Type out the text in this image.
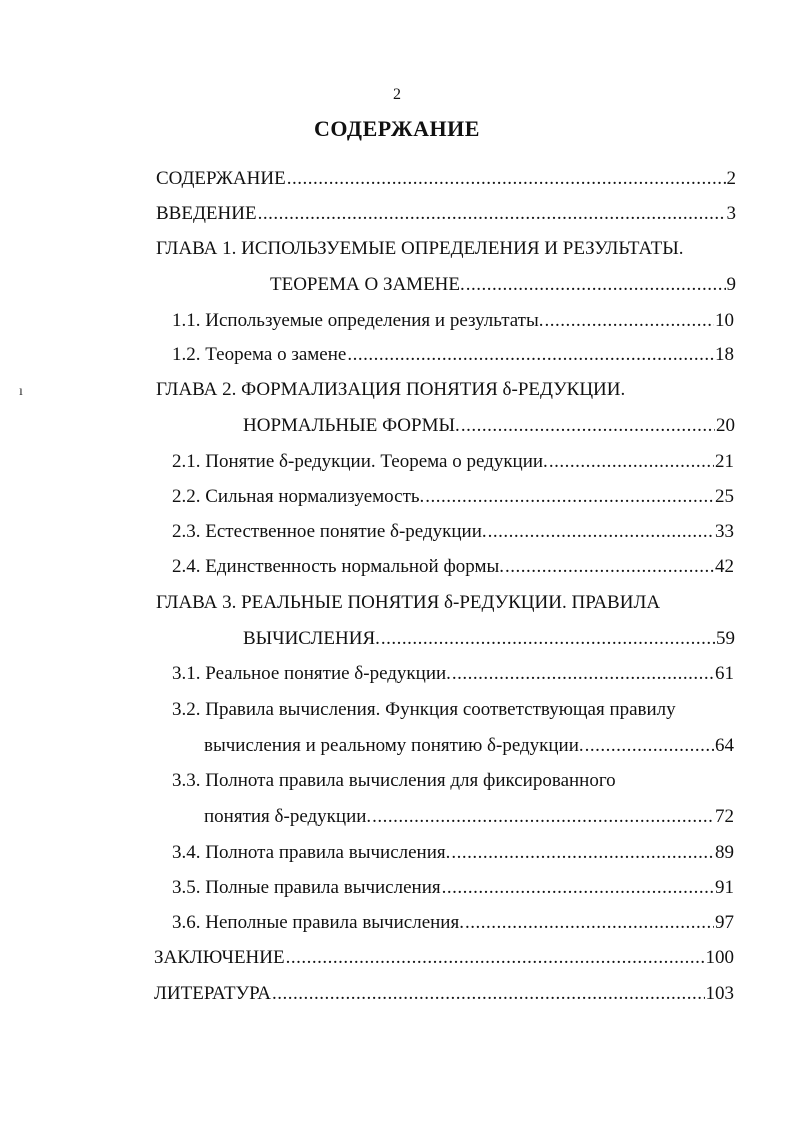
2
СОДЕРЖАНИЕ
ı
СОДЕРЖАНИЕ .....	2
ВВЕДЕНИЕ .....	3
ГЛАВА 1. ИСПОЛЬЗУЕМЫЕ ОПРЕДЕЛЕНИЯ И РЕЗУЛЬТАТЫ.
ТЕОРЕМА О ЗАМЕНЕ. .....	9
1.1. Используемые определения и результаты. .....	10
1.2. Теорема о замене .....	18
ГЛАВА 2. ФОРМАЛИЗАЦИЯ ПОНЯТИЯ δ-РЕДУКЦИИ.
НОРМАЛЬНЫЕ ФОРМЫ. .....	20
2.1. Понятие δ-редукции. Теорема о редукции. .....	21
2.2. Сильная нормализуемость. .....	25
2.3. Естественное понятие δ-редукции. .....	33
2.4. Единственность нормальной формы. .....	42
ГЛАВА 3. РЕАЛЬНЫЕ ПОНЯТИЯ δ-РЕДУКЦИИ. ПРАВИЛА
ВЫЧИСЛЕНИЯ. .....	59
3.1. Реальное понятие δ-редукции. .....	61
3.2. Правила вычисления. Функция соответствующая правилу
вычисления и реальному понятию δ-редукции. .....	64
3.3. Полнота правила вычисления для фиксированного
понятия δ-редукции. .....	72
3.4. Полнота правила вычисления. .....	89
3.5. Полные правила вычисления .....	91
3.6. Неполные правила вычисления. .....	97
ЗАКЛЮЧЕНИЕ .....	100
ЛИТЕРАТУРА .....	103
